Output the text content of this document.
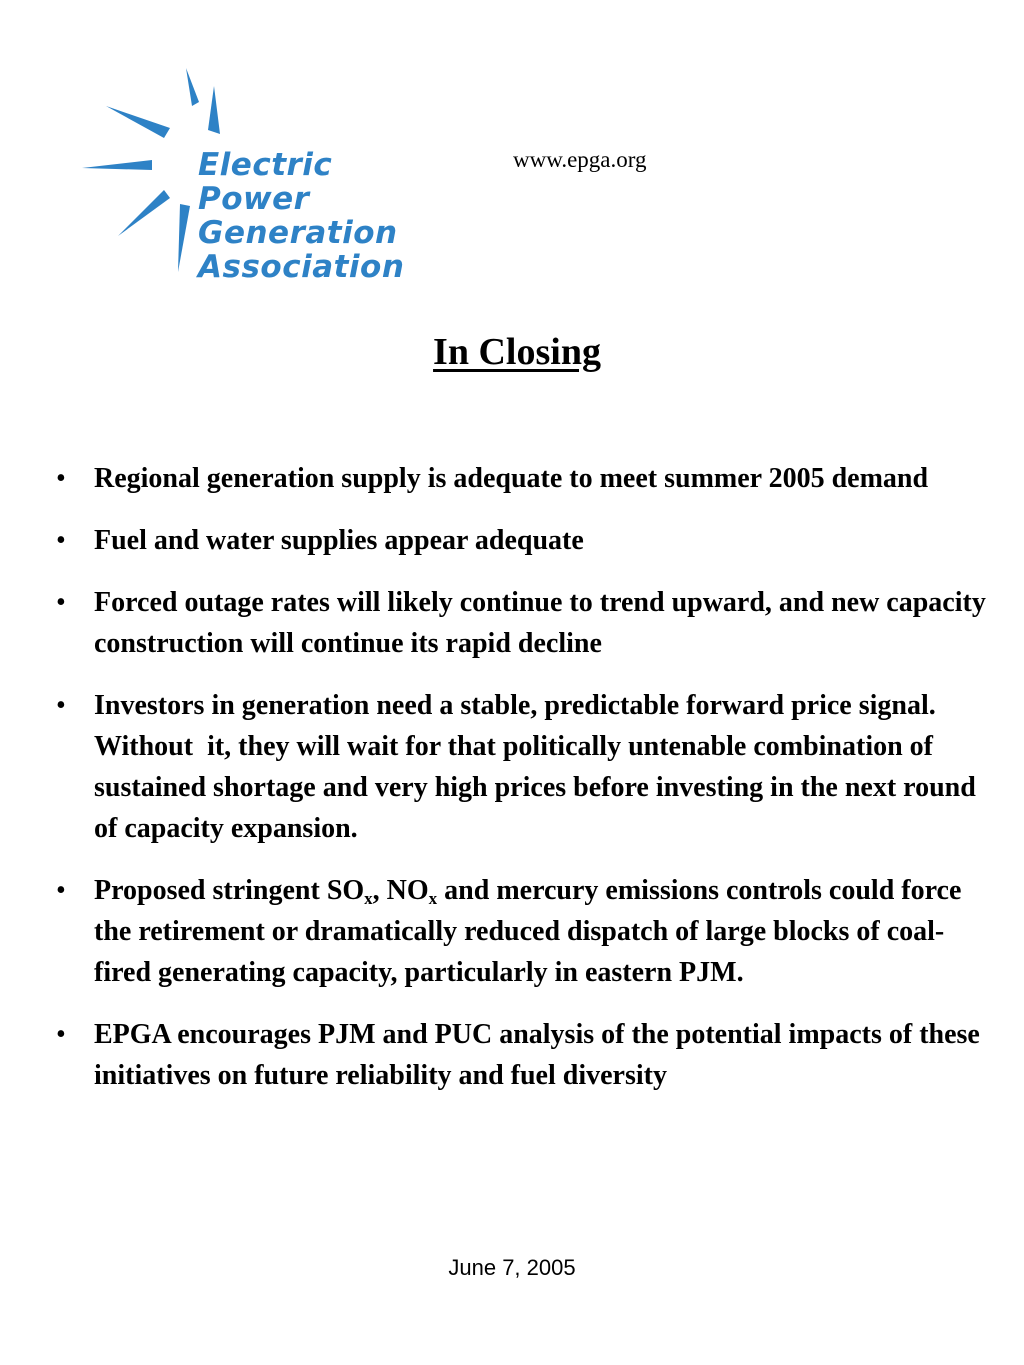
Electric
Power
Generation
Association
www.epga.org
In Closing
• Regional generation supply is adequate to meet summer 2005 demand
• Fuel and water supplies appear adequate
• Forced outage rates will likely continue to trend upward, and new capacity construction will continue its rapid decline
• Investors in generation need a stable, predictable forward price signal.  Without  it, they will wait for that politically untenable combination of sustained shortage and very high prices before investing in the next round of capacity expansion.
• Proposed stringent $SO_x$, $NO_x$ and mercury emissions controls could force the retirement or dramatically reduced dispatch of large blocks of coal-fired generating capacity, particularly in eastern PJM.
• EPGA encourages PJM and PUC analysis of the potential impacts of these initiatives on future reliability and fuel diversity
June 7, 2005
